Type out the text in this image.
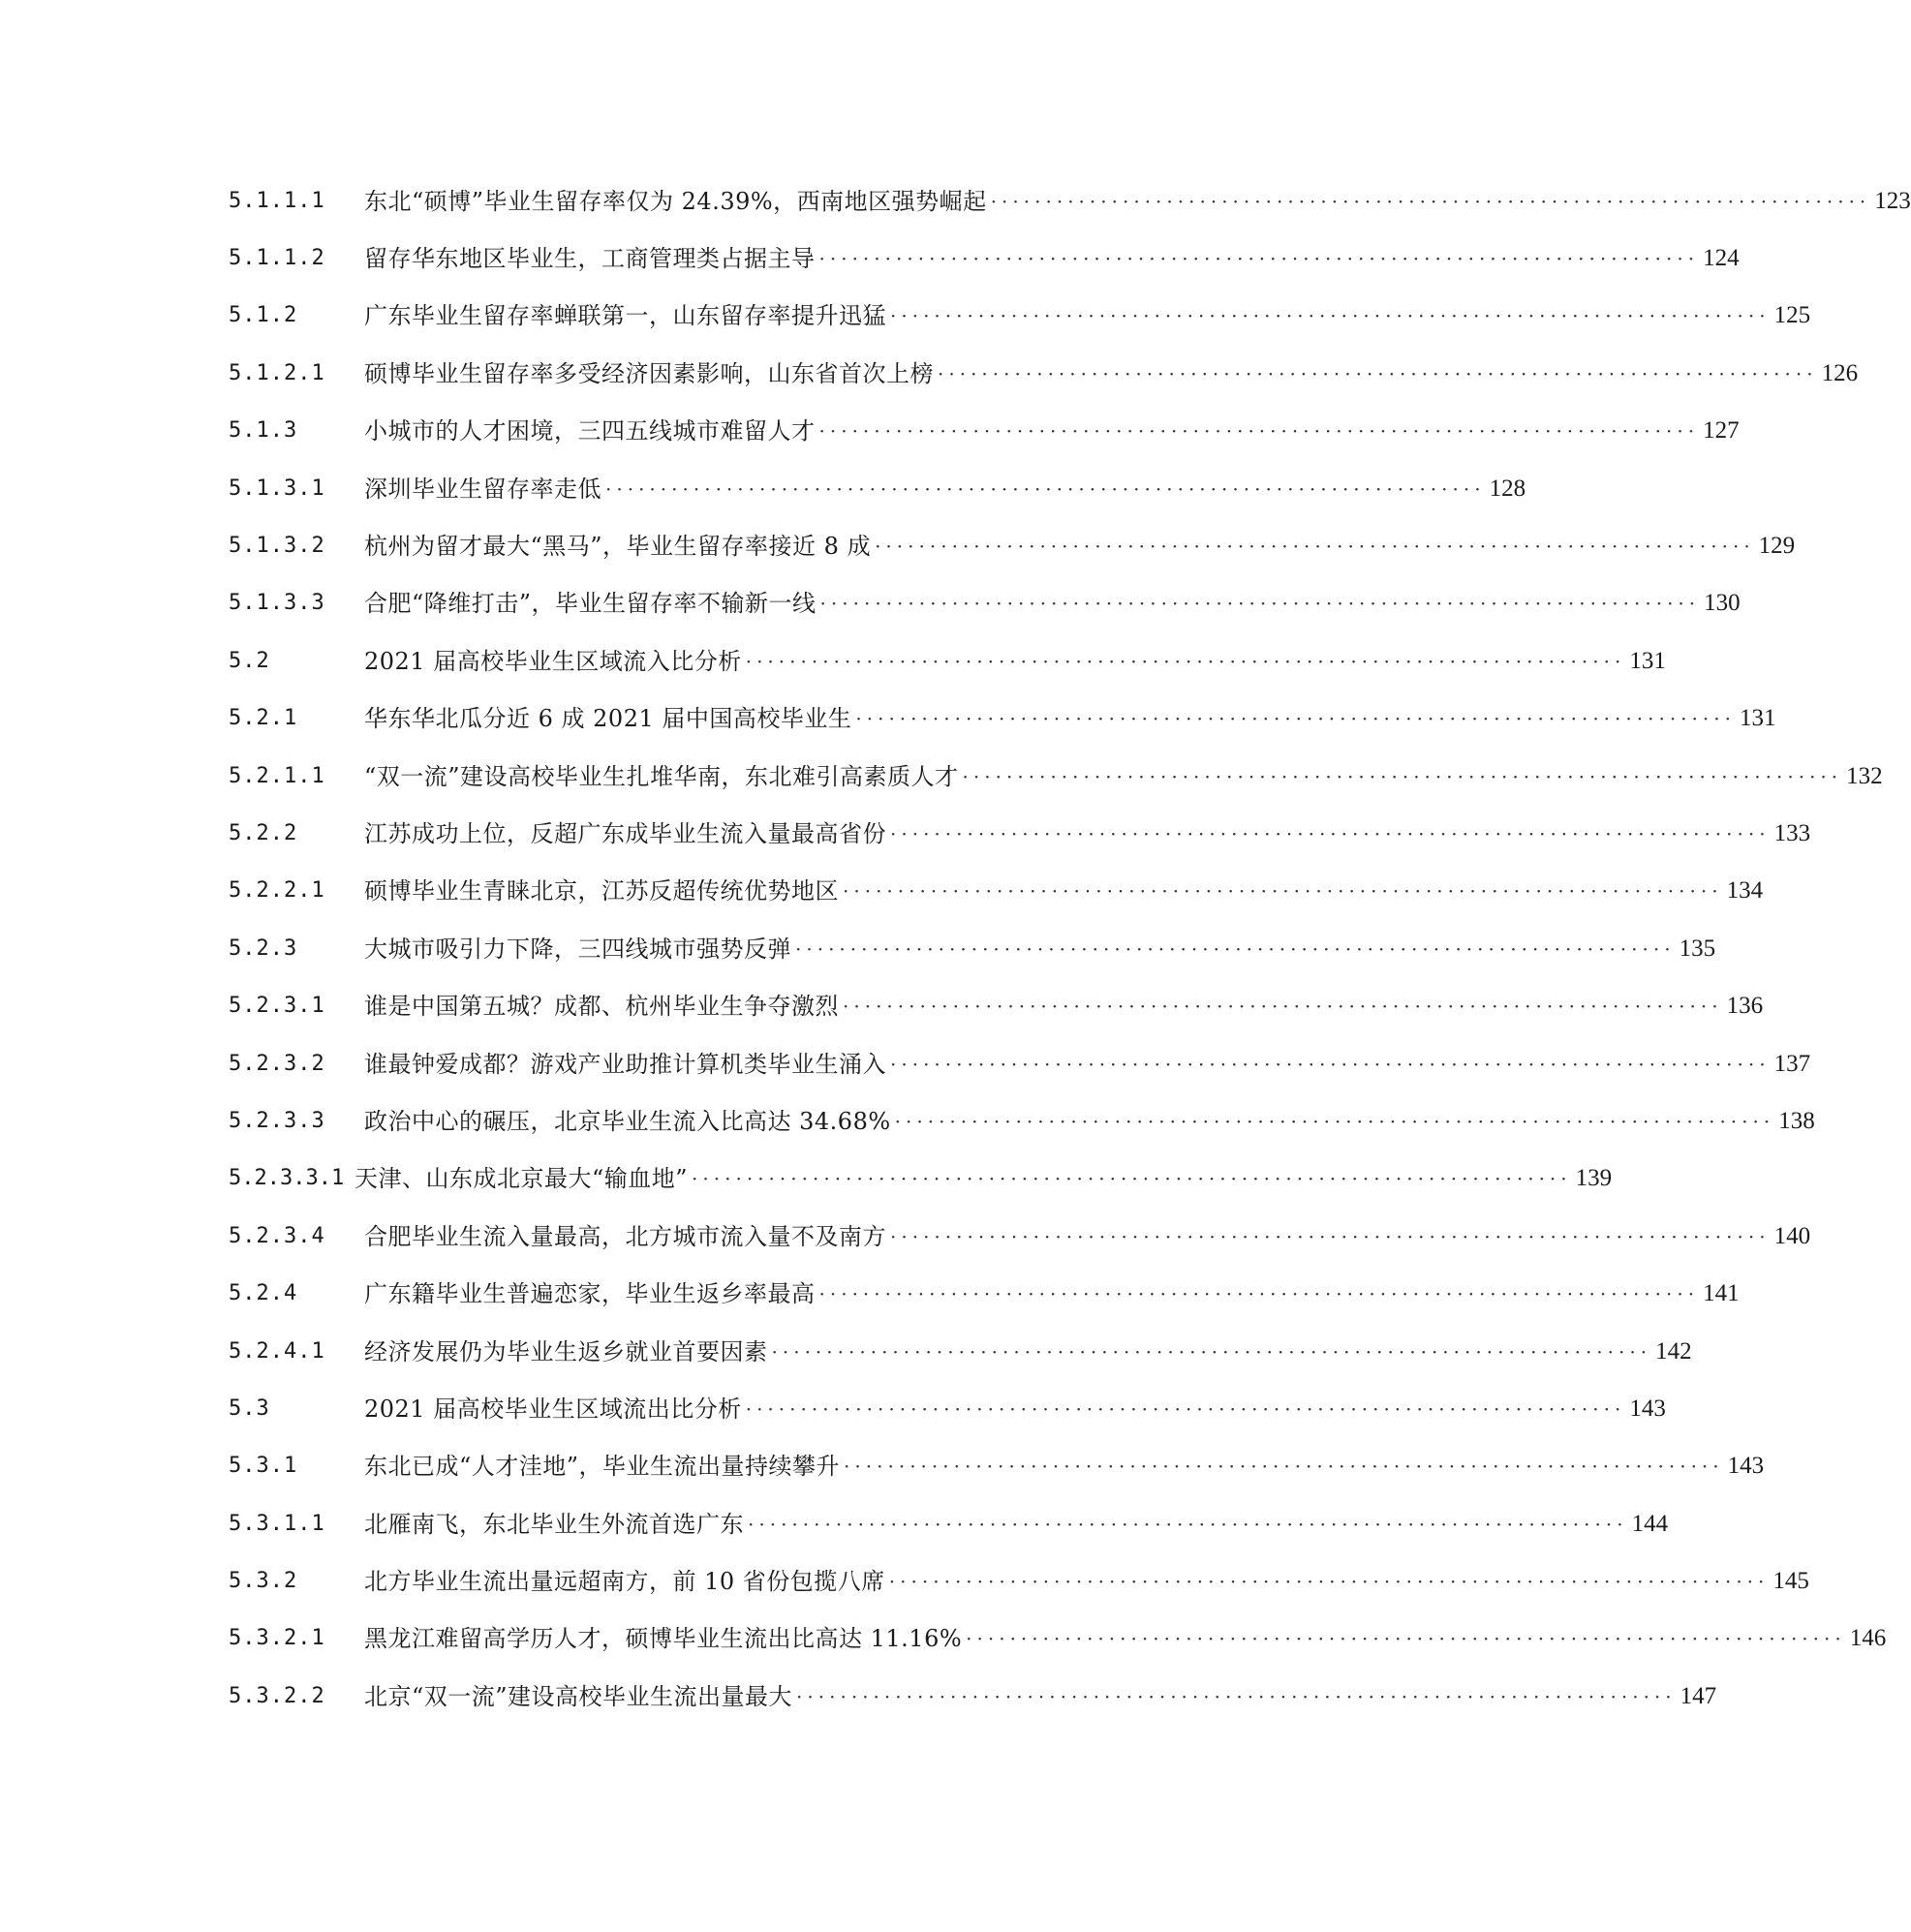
5.1.1.1	东北“硕博”毕业生留存率仅为 24.39%，西南地区强势崛起 ················································································ 123
5.1.1.2	留存华东地区毕业生，工商管理类占据主导 ················································································ 124
5.1.2	广东毕业生留存率蝉联第一，山东留存率提升迅猛 ················································································ 125
5.1.2.1	硕博毕业生留存率多受经济因素影响，山东省首次上榜 ················································································ 126
5.1.3	小城市的人才困境，三四五线城市难留人才 ················································································ 127
5.1.3.1	深圳毕业生留存率走低 ················································································ 128
5.1.3.2	杭州为留才最大“黑马”，毕业生留存率接近 8 成 ················································································ 129
5.1.3.3	合肥“降维打击”，毕业生留存率不输新一线 ················································································ 130
5.2	2021 届高校毕业生区域流入比分析 ················································································ 131
5.2.1	华东华北瓜分近 6 成 2021 届中国高校毕业生 ················································································ 131
5.2.1.1	“双一流”建设高校毕业生扎堆华南，东北难引高素质人才 ················································································ 132
5.2.2	江苏成功上位，反超广东成毕业生流入量最高省份 ················································································ 133
5.2.2.1	硕博毕业生青睐北京，江苏反超传统优势地区 ················································································ 134
5.2.3	大城市吸引力下降，三四线城市强势反弹 ················································································ 135
5.2.3.1	谁是中国第五城？成都、杭州毕业生争夺激烈 ················································································ 136
5.2.3.2	谁最钟爱成都？游戏产业助推计算机类毕业生涌入 ················································································ 137
5.2.3.3	政治中心的碾压，北京毕业生流入比高达 34.68% ················································································ 138
5.2.3.3.1 天津、山东成北京最大“输血地” ················································································ 139
5.2.3.4	合肥毕业生流入量最高，北方城市流入量不及南方 ················································································ 140
5.2.4	广东籍毕业生普遍恋家，毕业生返乡率最高 ················································································ 141
5.2.4.1	经济发展仍为毕业生返乡就业首要因素 ················································································ 142
5.3	2021 届高校毕业生区域流出比分析 ················································································ 143
5.3.1	东北已成“人才洼地”，毕业生流出量持续攀升 ················································································ 143
5.3.1.1	北雁南飞，东北毕业生外流首选广东 ················································································ 144
5.3.2	北方毕业生流出量远超南方，前 10 省份包揽八席 ················································································ 145
5.3.2.1	黑龙江难留高学历人才，硕博毕业生流出比高达 11.16% ················································································ 146
5.3.2.2	北京“双一流”建设高校毕业生流出量最大 ················································································ 147
